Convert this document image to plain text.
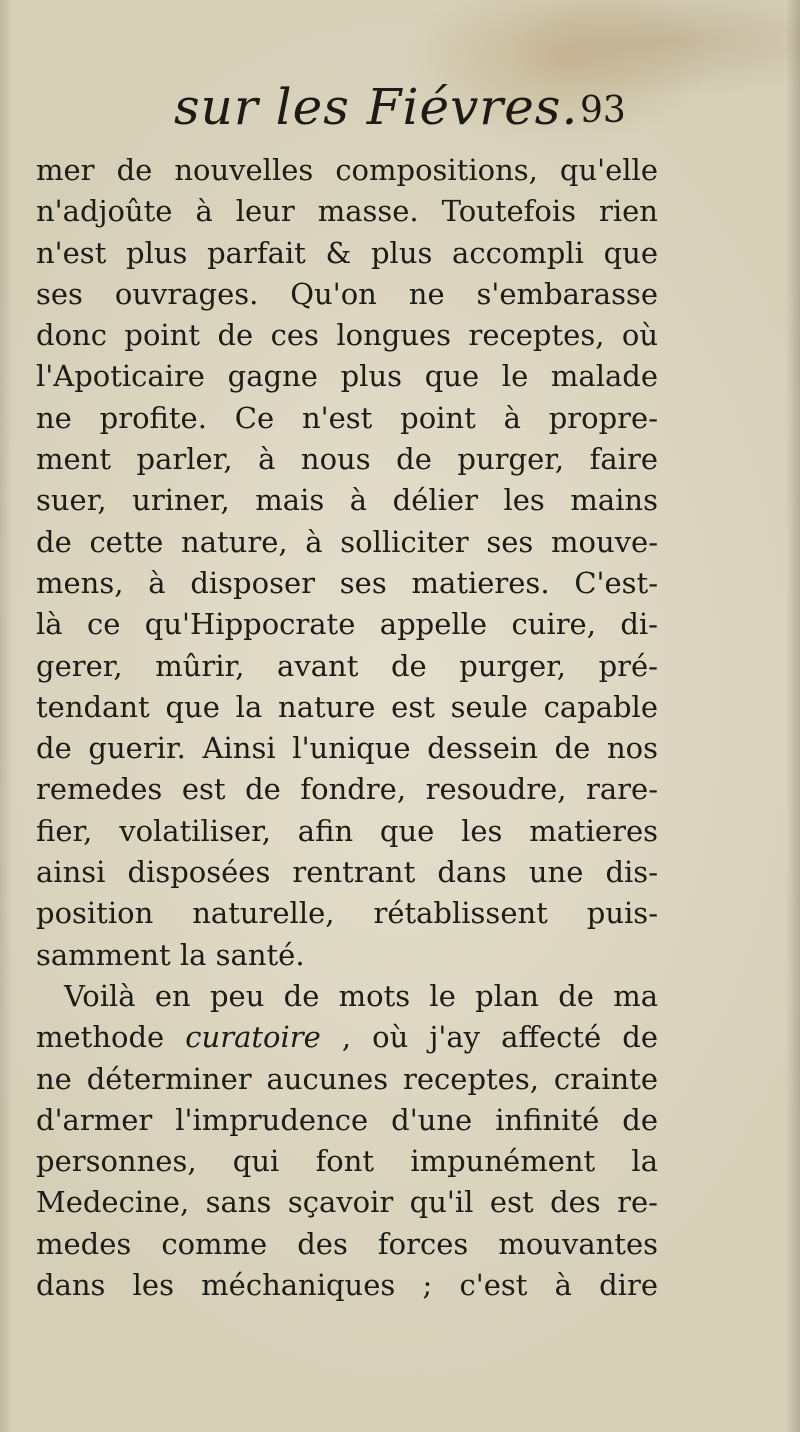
sur les Fiévres. 93
mer de nouvelles compositions, qu'elle
n'adjoûte à leur masse. Toutefois rien
n'est plus parfait & plus accompli que
ses ouvrages. Qu'on ne s'embarasse
donc point de ces longues receptes, où
l'Apoticaire gagne plus que le malade
ne profite. Ce n'est point à propre-
ment parler, à nous de purger, faire
suer, uriner, mais à délier les mains
de cette nature, à solliciter ses mouve-
mens, à disposer ses matieres. C'est-
là ce qu'Hippocrate appelle cuire, di-
gerer, mûrir, avant de purger, pré-
tendant que la nature est seule capable
de guerir. Ainsi l'unique dessein de nos
remedes est de fondre, resoudre, rare-
fier, volatiliser, afin que les matieres
ainsi disposées rentrant dans une dis-
position naturelle, rétablissent puis-
samment la santé.
Voilà en peu de mots le plan de ma
methode curatoire , où j'ay affecté de
ne déterminer aucunes receptes, crainte
d'armer l'imprudence d'une infinité de
personnes, qui font impunément la
Medecine, sans sçavoir qu'il est des re-
medes comme des forces mouvantes
dans les méchaniques ; c'est à dire
